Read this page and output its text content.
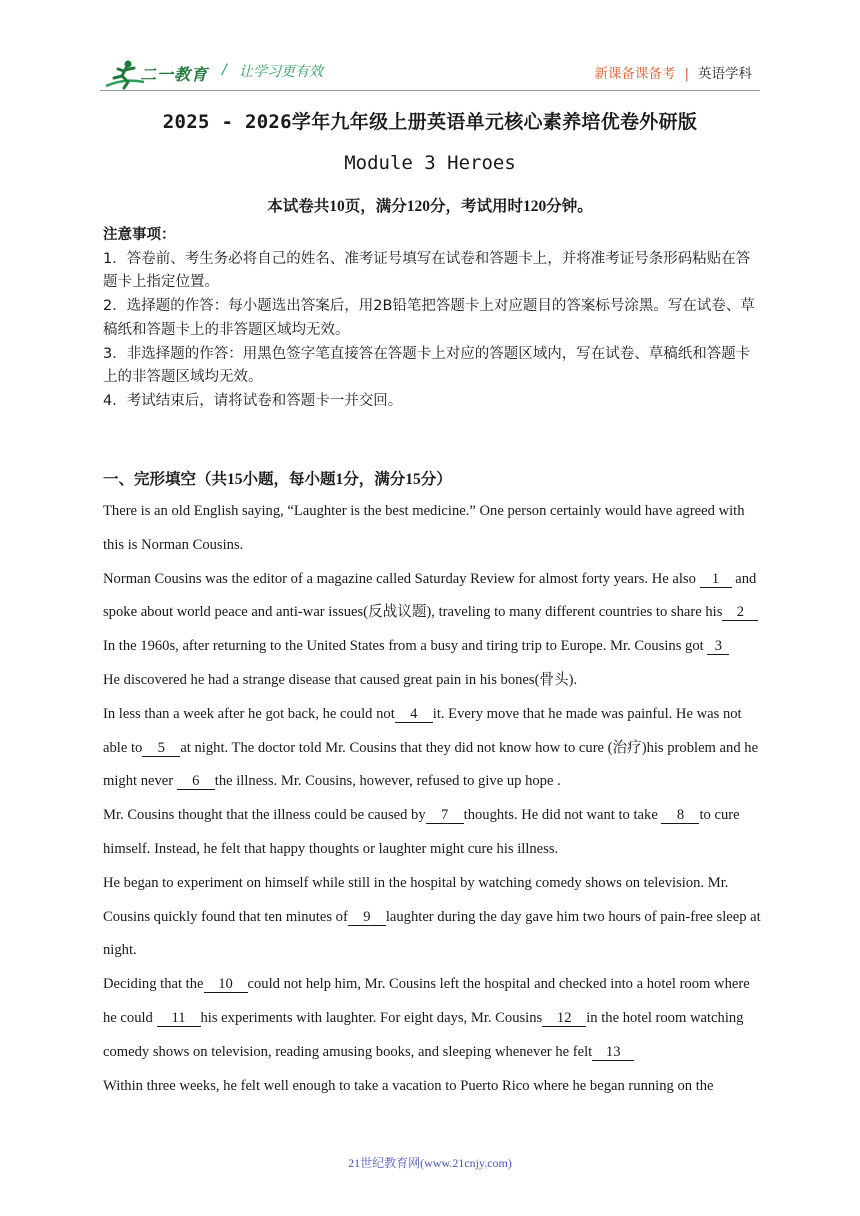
二一教育 / 让学习更有效	新课备课备考 | 英语学科
2025 - 2026学年九年级上册英语单元核心素养培优卷外研版
Module 3 Heroes
本试卷共10页，满分120分，考试用时120分钟。

注意事项：

1．答卷前、考生务必将自己的姓名、准考证号填写在试卷和答题卡上，并将准考证号条形码粘贴在答题卡上指定位置。

2．选择题的作答：每小题选出答案后，用2B铅笔把答题卡上对应题目的答案标号涂黑。写在试卷、草稿纸和答题卡上的非答题区域均无效。

3．非选择题的作答：用黑色签字笔直接答在答题卡上对应的答题区域内，写在试卷、草稿纸和答题卡上的非答题区域均无效。

4．考试结束后，请将试卷和答题卡一并交回。

一、完形填空（共15小题，每小题1分，满分15分）

There is an old English saying, “Laughter is the best medicine.” One person certainly would have agreed with this is Norman Cousins.

Norman Cousins was the editor of a magazine called Saturday Review for almost forty years. He also 1 and spoke about world peace and anti-war issues(反战议题), traveling to many different countries to share his 2

In the 1960s, after returning to the United States from a busy and tiring trip to Europe. Mr. Cousins got 3
He discovered he had a strange disease that caused great pain in his bones(骨头).

In less than a week after he got back, he could not 4 it. Every move that he made was painful. He was not able to 5 at night. The doctor told Mr. Cousins that they did not know how to cure (治疗)his problem and he might never 6 the illness. Mr. Cousins, however, refused to give up hope .

Mr. Cousins thought that the illness could be caused by 7 thoughts. He did not want to take 8 to cure himself. Instead, he felt that happy thoughts or laughter might cure his illness.

He began to experiment on himself while still in the hospital by watching comedy shows on television. Mr. Cousins quickly found that ten minutes of 9 laughter during the day gave him two hours of pain-free sleep at night.

Deciding that the 10 could not help him, Mr. Cousins left the hospital and checked into a hotel room where he could 11 his experiments with laughter. For eight days, Mr. Cousins 12 in the hotel room watching comedy shows on television, reading amusing books, and sleeping whenever he felt 13

Within three weeks, he felt well enough to take a vacation to Puerto Rico where he began running on the

21世纪教育网(www.21cnjy.com)
